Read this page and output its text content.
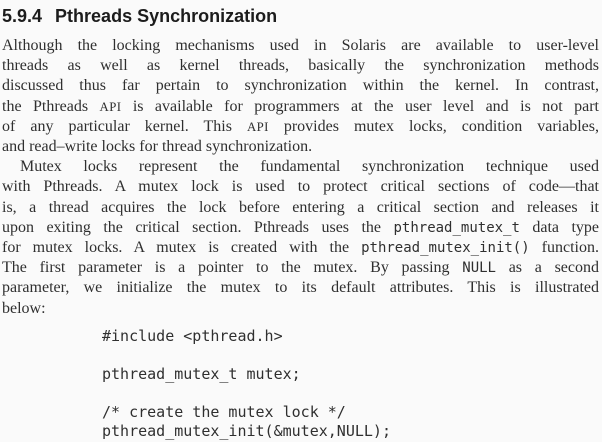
5.9.4 Pthreads Synchronization
Although the locking mechanisms used in Solaris are available to user-level
threads as well as kernel threads, basically the synchronization methods
discussed thus far pertain to synchronization within the kernel. In contrast,
the Pthreads API is available for programmers at the user level and is not part
of any particular kernel. This API provides mutex locks, condition variables,
and read–write locks for thread synchronization.
Mutex locks represent the fundamental synchronization technique used
with Pthreads. A mutex lock is used to protect critical sections of code—that
is, a thread acquires the lock before entering a critical section and releases it
upon exiting the critical section. Pthreads uses the pthread_mutex_t data type
for mutex locks. A mutex is created with the pthread_mutex_init() function.
The first parameter is a pointer to the mutex. By passing NULL as a second
parameter, we initialize the mutex to its default attributes. This is illustrated
below:
#include <pthread.h>
pthread_mutex_t mutex;
/* create the mutex lock */
pthread_mutex_init(&mutex,NULL);
